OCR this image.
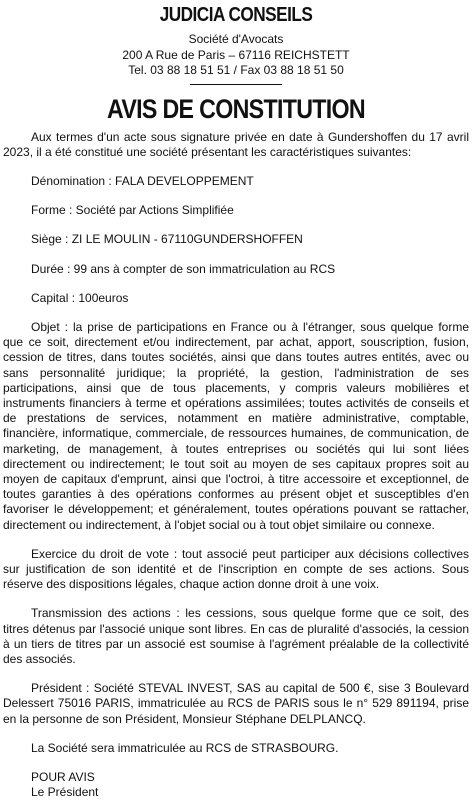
JUDICIA CONSEILS
Société d'Avocats
200 A Rue de Paris – 67116 REICHSTETT
Tel. 03 88 18 51 51 / Fax 03 88 18 51 50
AVIS DE CONSTITUTION

Aux termes d'un acte sous signature privée en date à Gundershoffen du 17 avril 2023, il a été constitué une société présentant les caractéristiques suivantes:

Dénomination : FALA DEVELOPPEMENT

Forme : Société par Actions Simplifiée

Siège : ZI LE MOULIN - 67110GUNDERSHOFFEN

Durée : 99 ans à compter de son immatriculation au RCS

Capital : 100euros

Objet : la prise de participations en France ou à l'étranger, sous quelque forme que ce soit, directement et/ou indirectement, par achat, apport, souscription, fusion, cession de titres, dans toutes sociétés, ainsi que dans toutes autres entités, avec ou sans personnalité juridique; la propriété, la gestion, l'administration de ses participations, ainsi que de tous placements, y compris valeurs mobilières et instruments financiers à terme et opérations assimilées; toutes activités de conseils et de prestations de services, notamment en matière administrative, comptable, financière, informatique, commerciale, de ressources humaines, de communication, de marketing, de management, à toutes entreprises ou sociétés qui lui sont liées directement ou indirectement; le tout soit au moyen de ses capitaux propres soit au moyen de capitaux d'emprunt, ainsi que l'octroi, à titre accessoire et exceptionnel, de toutes garanties à des opérations conformes au présent objet et susceptibles d'en favoriser le développement; et généralement, toutes opérations pouvant se rattacher, directement ou indirectement, à l'objet social ou à tout objet similaire ou connexe.

Exercice du droit de vote : tout associé peut participer aux décisions collectives sur justification de son identité et de l'inscription en compte de ses actions. Sous réserve des dispositions légales, chaque action donne droit à une voix.

Transmission des actions : les cessions, sous quelque forme que ce soit, des titres détenus par l'associé unique sont libres. En cas de pluralité d'associés, la cession à un tiers de titres par un associé est soumise à l'agrément préalable de la collectivité des associés.

Président : Société STEVAL INVEST, SAS au capital de 500 €, sise 3 Boulevard Delessert 75016 PARIS, immatriculée au RCS de PARIS sous le n° 529 891194, prise en la personne de son Président, Monsieur Stéphane DELPLANCQ.

La Société sera immatriculée au RCS de STRASBOURG.

POUR AVIS

Le Président
